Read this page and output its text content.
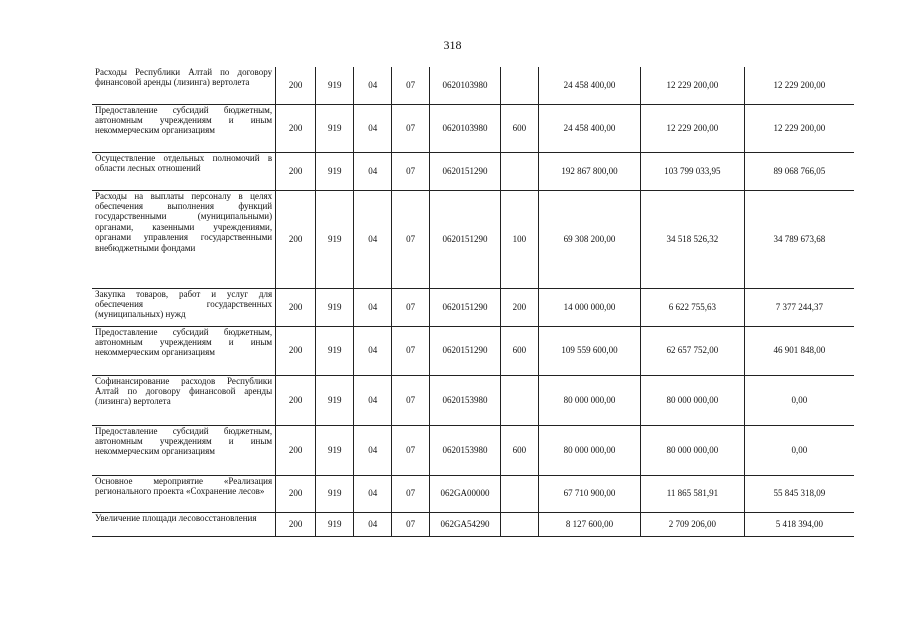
318
Расходы Республики Алтай по договору финансовой аренды (лизинга) вертолета	200	919	04	07	0620103980		24 458 400,00	12 229 200,00	12 229 200,00
Предоставление субсидий бюджетным, автономным учреждениям и иным некоммерческим организациям	200	919	04	07	0620103980	600	24 458 400,00	12 229 200,00	12 229 200,00
Осуществление отдельных полномочий в области лесных отношений	200	919	04	07	0620151290		192 867 800,00	103 799 033,95	89 068 766,05
Расходы на выплаты персоналу в целях обеспечения выполнения функций государственными (муниципальными) органами, казенными учреждениями, органами управления государственными внебюджетными фондами	200	919	04	07	0620151290	100	69 308 200,00	34 518 526,32	34 789 673,68
Закупка товаров, работ и услуг для обеспечения государственных (муниципальных) нужд	200	919	04	07	0620151290	200	14 000 000,00	6 622 755,63	7 377 244,37
Предоставление субсидий бюджетным, автономным учреждениям и иным некоммерческим организациям	200	919	04	07	0620151290	600	109 559 600,00	62 657 752,00	46 901 848,00
Софинансирование расходов Республики Алтай по договору финансовой аренды (лизинга) вертолета	200	919	04	07	0620153980		80 000 000,00	80 000 000,00	0,00
Предоставление субсидий бюджетным, автономным учреждениям и иным некоммерческим организациям	200	919	04	07	0620153980	600	80 000 000,00	80 000 000,00	0,00
Основное мероприятие «Реализация регионального проекта «Сохранение лесов»	200	919	04	07	062GA00000		67 710 900,00	11 865 581,91	55 845 318,09
Увеличение площади лесовосстановления	200	919	04	07	062GA54290		8 127 600,00	2 709 206,00	5 418 394,00
